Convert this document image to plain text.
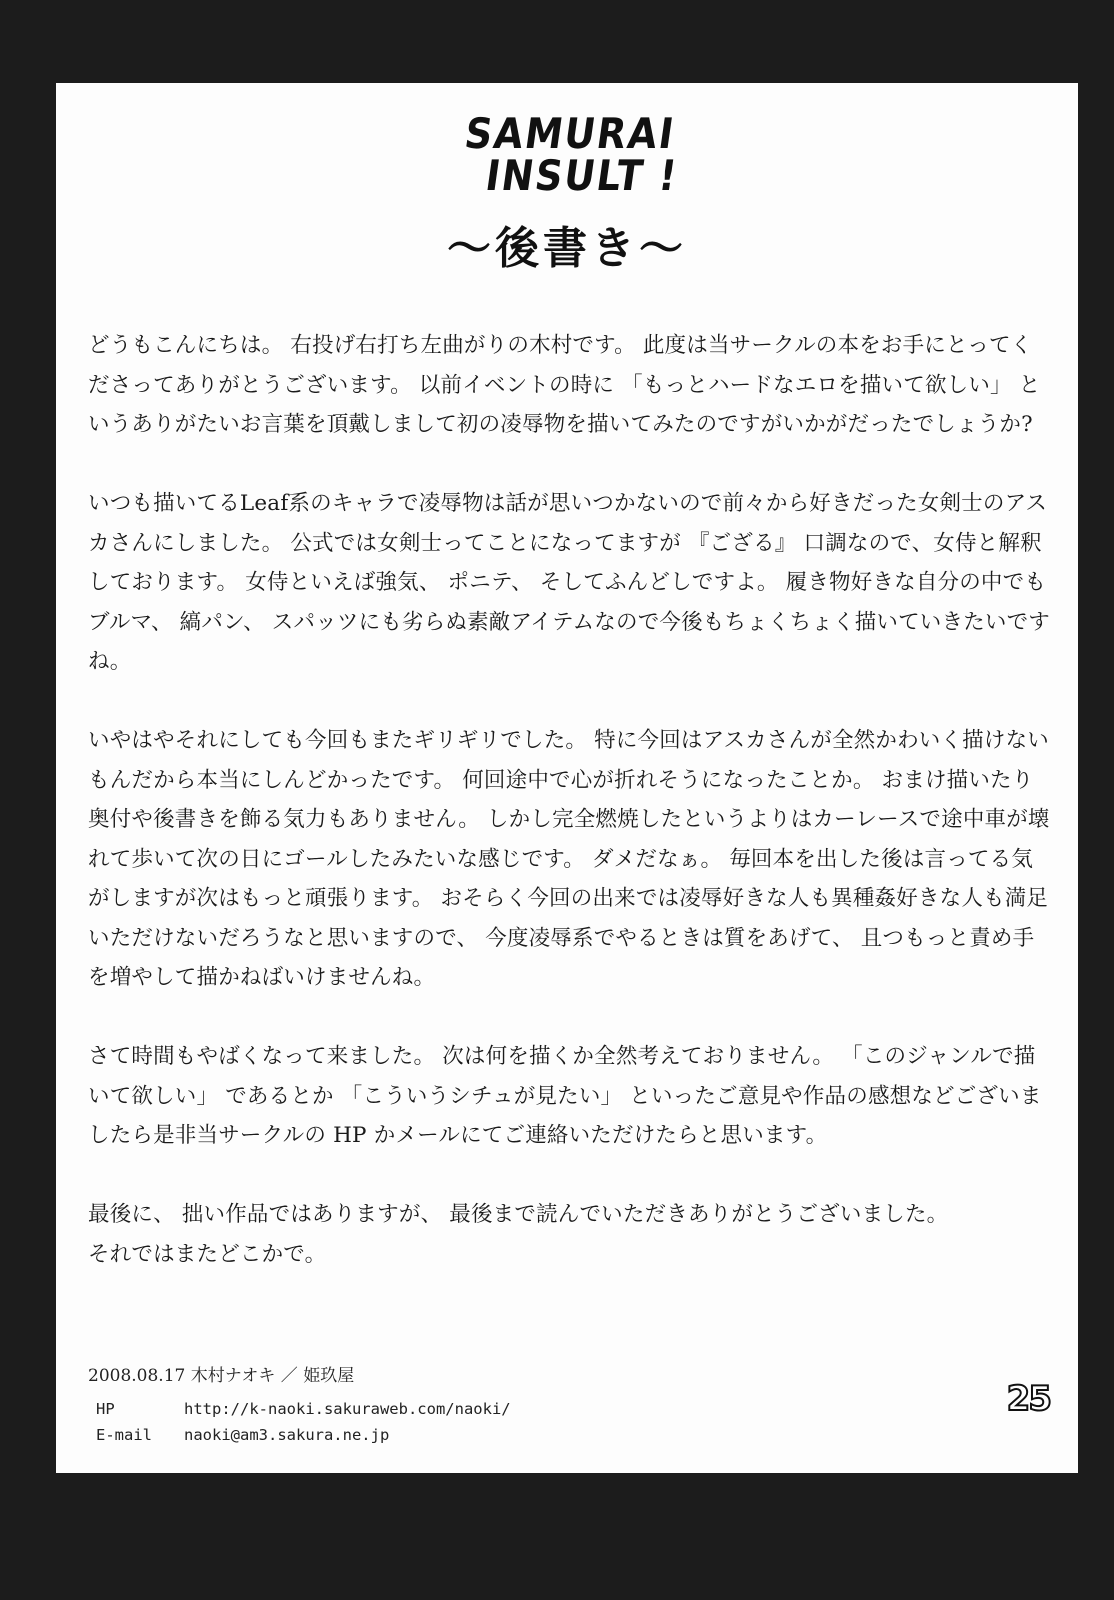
SAMURAI
INSULT !
～後書き～

どうもこんにちは。 右投げ右打ち左曲がりの木村です。 此度は当サークルの本をお手にとってくださってありがとうございます。 以前イベントの時に 「もっとハードなエロを描いて欲しい」 というありがたいお言葉を頂戴しまして初の凌辱物を描いてみたのですがいかがだったでしょうか?

いつも描いてるLeaf系のキャラで凌辱物は話が思いつかないので前々から好きだった女剣士のアスカさんにしました。 公式では女剣士ってことになってますが 『ござる』 口調なので、女侍と解釈しております。 女侍といえば強気、 ポニテ、 そしてふんどしですよ。 履き物好きな自分の中でもブルマ、 縞パン、 スパッツにも劣らぬ素敵アイテムなので今後もちょくちょく描いていきたいですね。

いやはやそれにしても今回もまたギリギリでした。 特に今回はアスカさんが全然かわいく描けないもんだから本当にしんどかったです。 何回途中で心が折れそうになったことか。 おまけ描いたり奥付や後書きを飾る気力もありません。 しかし完全燃焼したというよりはカーレースで途中車が壊れて歩いて次の日にゴールしたみたいな感じです。 ダメだなぁ。 毎回本を出した後は言ってる気がしますが次はもっと頑張ります。 おそらく今回の出来では凌辱好きな人も異種姦好きな人も満足いただけないだろうなと思いますので、 今度凌辱系でやるときは質をあげて、 且つもっと責め手を増やして描かねばいけませんね。

さて時間もやばくなって来ました。 次は何を描くか全然考えておりません。 「このジャンルで描いて欲しい」 であるとか 「こういうシチュが見たい」 といったご意見や作品の感想などございましたら是非当サークルの HP かメールにてご連絡いただけたらと思います。

最後に、 拙い作品ではありますが、 最後まで読んでいただきありがとうございました。
それではまたどこかで。

2008.08.17 木村ナオキ ／ 姫玖屋
HP	http://k-naoki.sakuraweb.com/naoki/
E-mail	naoki@am3.sakura.ne.jp
25
